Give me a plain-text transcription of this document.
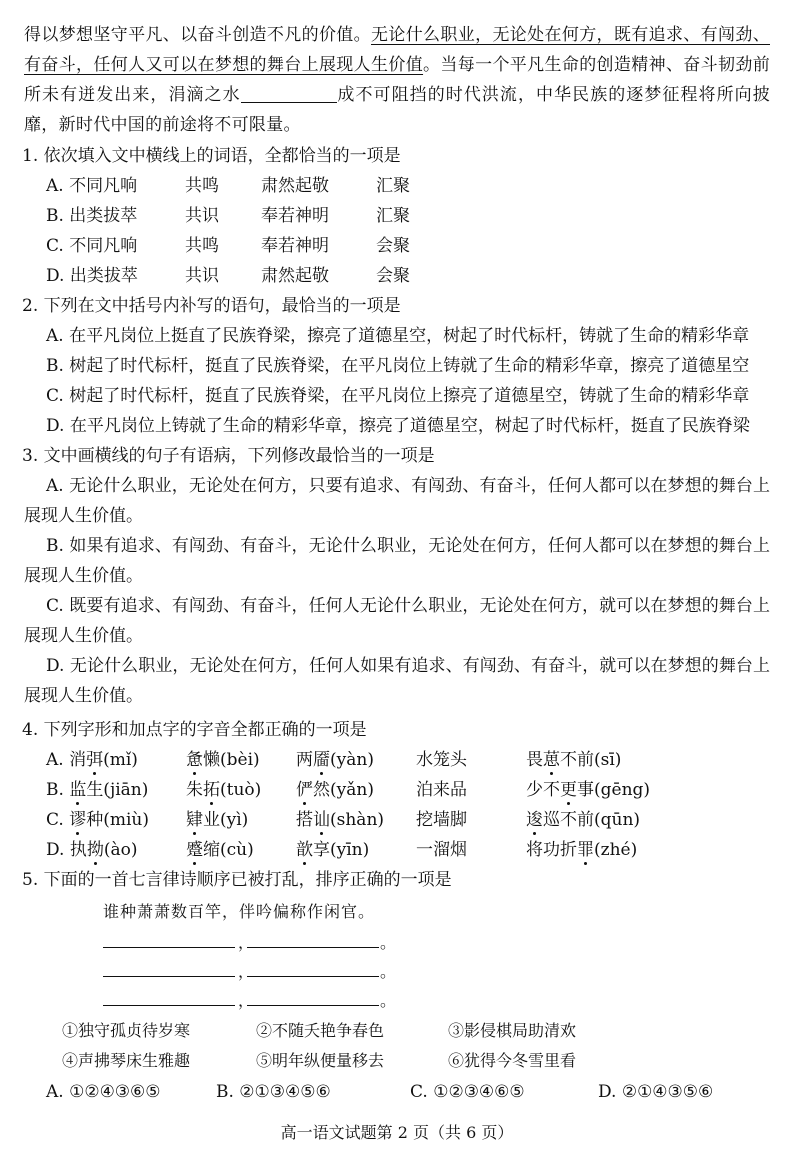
得以梦想坚守平凡、以奋斗创造不凡的价值。无论什么职业，无论处在何方，既有追求、有闯劲、有奋斗，任何人又可以在梦想的舞台上展现人生价值。当每一个平凡生命的创造精神、奋斗韧劲前所未有迸发出来，涓滴之水	成不可阻挡的时代洪流，中华民族的逐梦征程将所向披靡，新时代中国的前途将不可限量。
1. 依次填入文中横线上的词语，全都恰当的一项是
A. 不同凡响	共鸣 肃然起敬	汇聚
B. 出类拔萃	共识 奉若神明	汇聚
C. 不同凡响	共鸣 奉若神明	会聚
D. 出类拔萃	共识 肃然起敬	会聚
2. 下列在文中括号内补写的语句，最恰当的一项是
A. 在平凡岗位上挺直了民族脊梁，擦亮了道德星空，树起了时代标杆，铸就了生命的精彩华章
B. 树起了时代标杆，挺直了民族脊梁，在平凡岗位上铸就了生命的精彩华章，擦亮了道德星空
C. 树起了时代标杆，挺直了民族脊梁，在平凡岗位上擦亮了道德星空，铸就了生命的精彩华章
D. 在平凡岗位上铸就了生命的精彩华章，擦亮了道德星空，树起了时代标杆，挺直了民族脊梁
3. 文中画横线的句子有语病，下列修改最恰当的一项是
A. 无论什么职业，无论处在何方，只要有追求、有闯劲、有奋斗，任何人都可以在梦想的舞台上展现人生价值。
B. 如果有追求、有闯劲、有奋斗，无论什么职业，无论处在何方，任何人都可以在梦想的舞台上展现人生价值。
C. 既要有追求、有闯劲、有奋斗，任何人无论什么职业，无论处在何方，就可以在梦想的舞台上展现人生价值。
D. 无论什么职业，无论处在何方，任何人如果有追求、有闯劲、有奋斗，就可以在梦想的舞台上展现人生价值。
4. 下列字形和加点字的字音全都正确的一项是
A. 消弭(mǐ)	惫懒(bèi) 两靥(yàn) 水笼头	畏葸不前(sī)
B. 监生(jiān) 朱拓(tuò) 俨然(yǎn) 泊来品	少不更事(gēng)
C. 谬种(miù) 肄业(yì)	搭讪(shàn) 挖墙脚	逡巡不前(qūn)
D. 执拗(ào)	蹙缩(cù) 歆享(yīn)	一溜烟	将功折罪(zhé)
5. 下面的一首七言律诗顺序已被打乱，排序正确的一项是
谁种萧萧数百竿，伴吟偏称作闲官。
，	。
，	。
，	。
①独守孤贞待岁寒	②不随夭艳争春色	③影侵棋局助清欢
④声拂琴床生雅趣	⑤明年纵便量移去	⑥犹得今冬雪里看
A. ①②④③⑥⑤	B. ②①③④⑤⑥	C. ①②③④⑥⑤	D. ②①④③⑤⑥
高一语文试题第 2 页（共 6 页）
